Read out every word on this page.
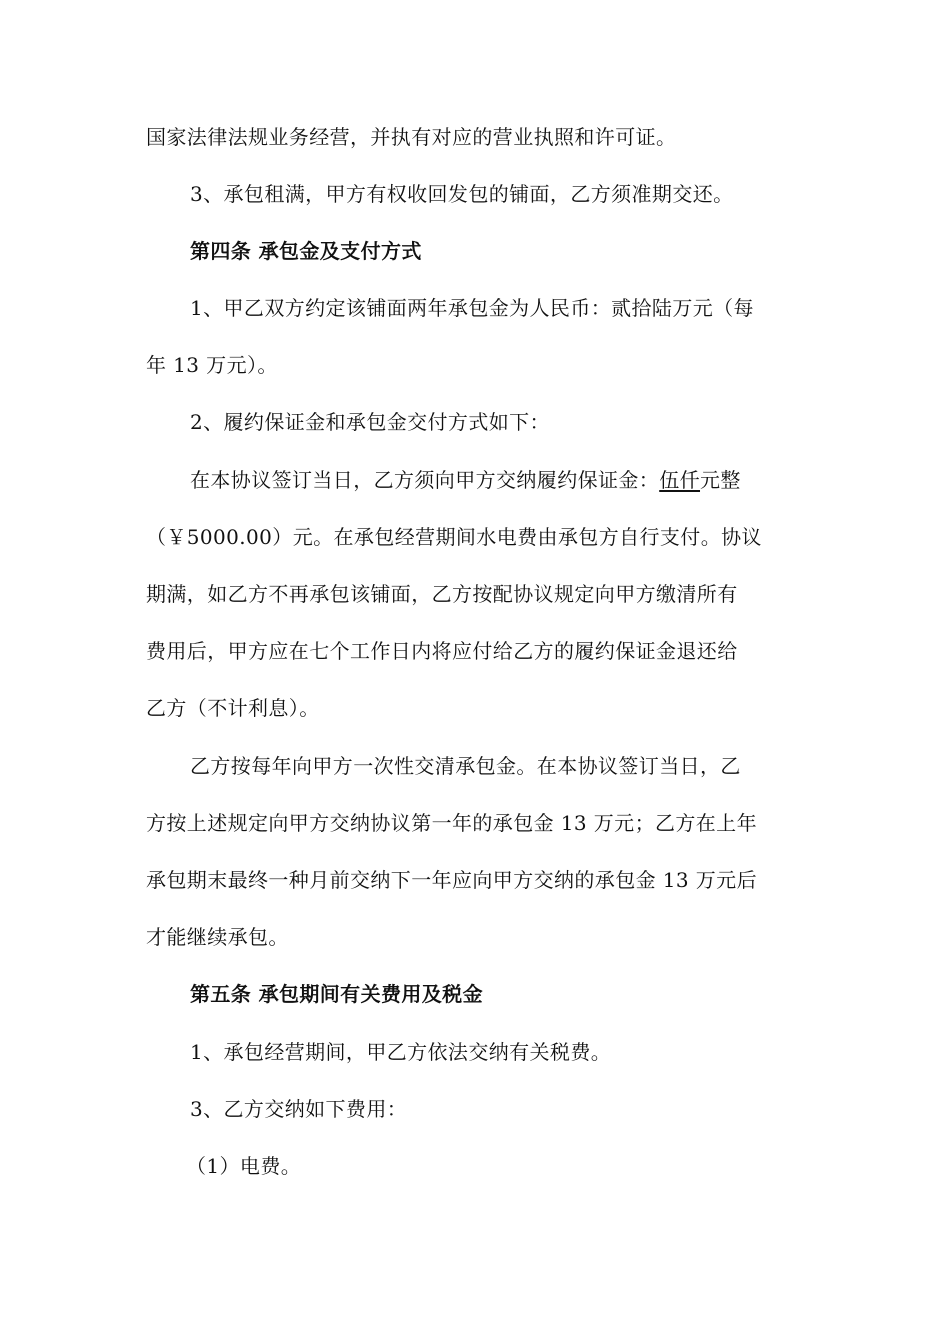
国家法律法规业务经营，并执有对应的营业执照和许可证。
3、承包租满，甲方有权收回发包的铺面，乙方须准期交还。
第四条 承包金及支付方式
1、甲乙双方约定该铺面两年承包金为人民币：贰拾陆万元（每
年 13 万元）。
2、履约保证金和承包金交付方式如下：
在本协议签订当日，乙方须向甲方交纳履约保证金：伍仟元整
（￥5000.00）元。在承包经营期间水电费由承包方自行支付。协议
期满，如乙方不再承包该铺面，乙方按配协议规定向甲方缴清所有
费用后，甲方应在七个工作日内将应付给乙方的履约保证金退还给
乙方（不计利息）。
乙方按每年向甲方一次性交清承包金。在本协议签订当日，乙
方按上述规定向甲方交纳协议第一年的承包金 13 万元；乙方在上年
承包期末最终一种月前交纳下一年应向甲方交纳的承包金 13 万元后
才能继续承包。
第五条 承包期间有关费用及税金
1、承包经营期间，甲乙方依法交纳有关税费。
3、乙方交纳如下费用：
（1）电费。
